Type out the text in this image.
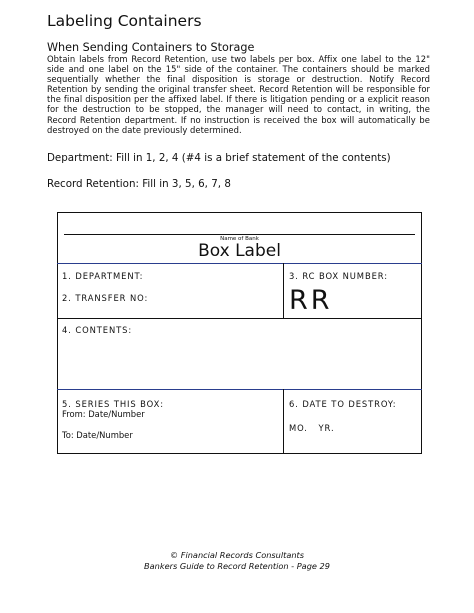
Labeling Containers
When Sending Containers to Storage
Obtain labels from Record Retention, use two labels per box. Affix one label to the 12" side and one label on the 15" side of the container. The containers should be marked sequentially whether the final disposition is storage or destruction. Notify Record Retention by sending the original transfer sheet. Record Retention will be responsible for the final disposition per the affixed label. If there is litigation pending or a explicit reason for the destruction to be stopped, the manager will need to contact, in writing, the Record Retention department. If no instruction is received the box will automatically be destroyed on the date previously determined.
Department: Fill in 1, 2, 4 (#4 is a brief statement of the contents)
Record Retention: Fill in 3, 5, 6, 7, 8
Name of Bank
Box Label
1. DEPARTMENT:
2. TRANSFER NO:
3. RC BOX NUMBER:
RR
4. CONTENTS:
5. SERIES THIS BOX:
From: Date/Number
To: Date/Number
6. DATE TO DESTROY:
MO.   YR.
© Financial Records Consultants
Bankers Guide to Record Retention - Page 29
